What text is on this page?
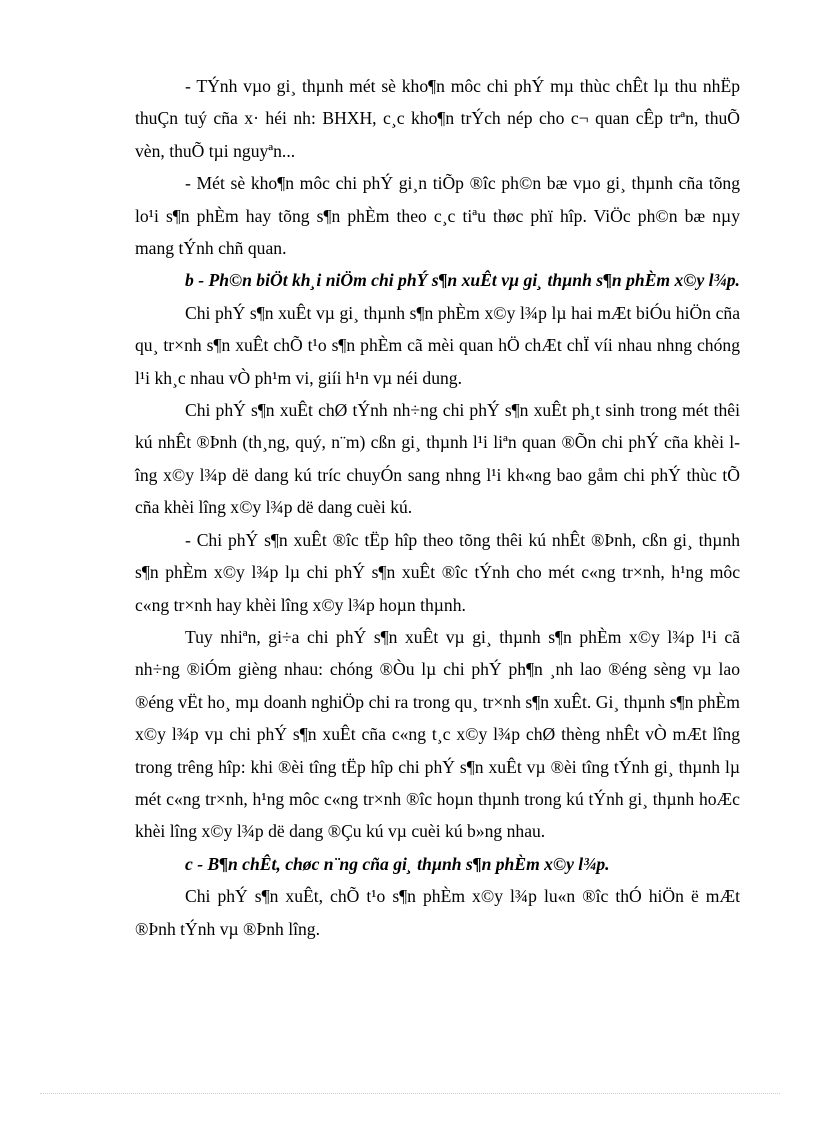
- TÝnh vµo gi¸ thµnh mét sè kho¶n môc chi phÝ mµ thùc chÊt lµ thu nhËp thuÇn tuý cña x· héi nh: BHXH, c¸c kho¶n trÝch nép cho c¬ quan cÊp trªn, thuÕ vèn, thuÕ tµi nguyªn...

- Mét sè kho¶n môc chi phÝ gi¸n tiÕp ®îc ph©n bæ vµo gi¸ thµnh cña tõng lo¹i s¶n phÈm hay tõng s¶n phÈm theo c¸c tiªu thøc phï hîp. ViÖc ph©n bæ nµy mang tÝnh chñ quan.

b - Ph©n biÖt kh¸i niÖm chi phÝ s¶n xuÊt vµ gi¸ thµnh s¶n phÈm x©y l¾p.

Chi phÝ s¶n xuÊt vµ gi¸ thµnh s¶n phÈm x©y l¾p lµ hai mÆt biÓu hiÖn cña qu¸ tr×nh s¶n xuÊt chÕ t¹o s¶n phÈm cã mèi quan hÖ chÆt chÏ víi nhau nhng chóng l¹i kh¸c nhau vÒ ph¹m vi, giíi h¹n vµ néi dung.

Chi phÝ s¶n xuÊt chØ tÝnh nh÷ng chi phÝ s¶n xuÊt ph¸t sinh trong mét thêi kú nhÊt ®Þnh (th¸ng, quý, n¨m) cßn gi¸ thµnh l¹i liªn quan ®Õn chi phÝ cña khèi lîng x©y l¾p dë dang kú tríc chuyÓn sang nhng l¹i kh«ng bao gåm chi phÝ thùc tÕ cña khèi lîng x©y l¾p dë dang cuèi kú.

- Chi phÝ s¶n xuÊt ®îc tËp hîp theo tõng thêi kú nhÊt ®Þnh, cßn gi¸ thµnh s¶n phÈm x©y l¾p lµ chi phÝ s¶n xuÊt ®îc tÝnh cho mét c«ng tr×nh, h¹ng môc c«ng tr×nh hay khèi lîng x©y l¾p hoµn thµnh.

Tuy nhiªn, gi÷a chi phÝ s¶n xuÊt vµ gi¸ thµnh s¶n phÈm x©y l¾p l¹i cã nh÷ng ®iÓm gièng nhau: chóng ®Òu lµ chi phÝ ph¶n ¸nh lao ®éng sèng vµ lao ®éng vËt ho¸ mµ doanh nghiÖp chi ra trong qu¸ tr×nh s¶n xuÊt. Gi¸ thµnh s¶n phÈm x©y l¾p vµ chi phÝ s¶n xuÊt cña c«ng t¸c x©y l¾p chØ thèng nhÊt vÒ mÆt lîng trong trêng hîp: khi ®èi tîng tËp hîp chi phÝ s¶n xuÊt vµ ®èi tîng tÝnh gi¸ thµnh lµ mét c«ng tr×nh, h¹ng môc c«ng tr×nh ®îc hoµn thµnh trong kú tÝnh gi¸ thµnh hoÆc khèi lîng x©y l¾p dë dang ®Çu kú vµ cuèi kú b»ng nhau.

c - B¶n chÊt, chøc n¨ng cña gi¸ thµnh s¶n phÈm x©y l¾p.

Chi phÝ s¶n xuÊt, chÕ t¹o s¶n phÈm x©y l¾p lu«n ®îc thÓ hiÖn ë mÆt ®Þnh tÝnh vµ ®Þnh lîng.
